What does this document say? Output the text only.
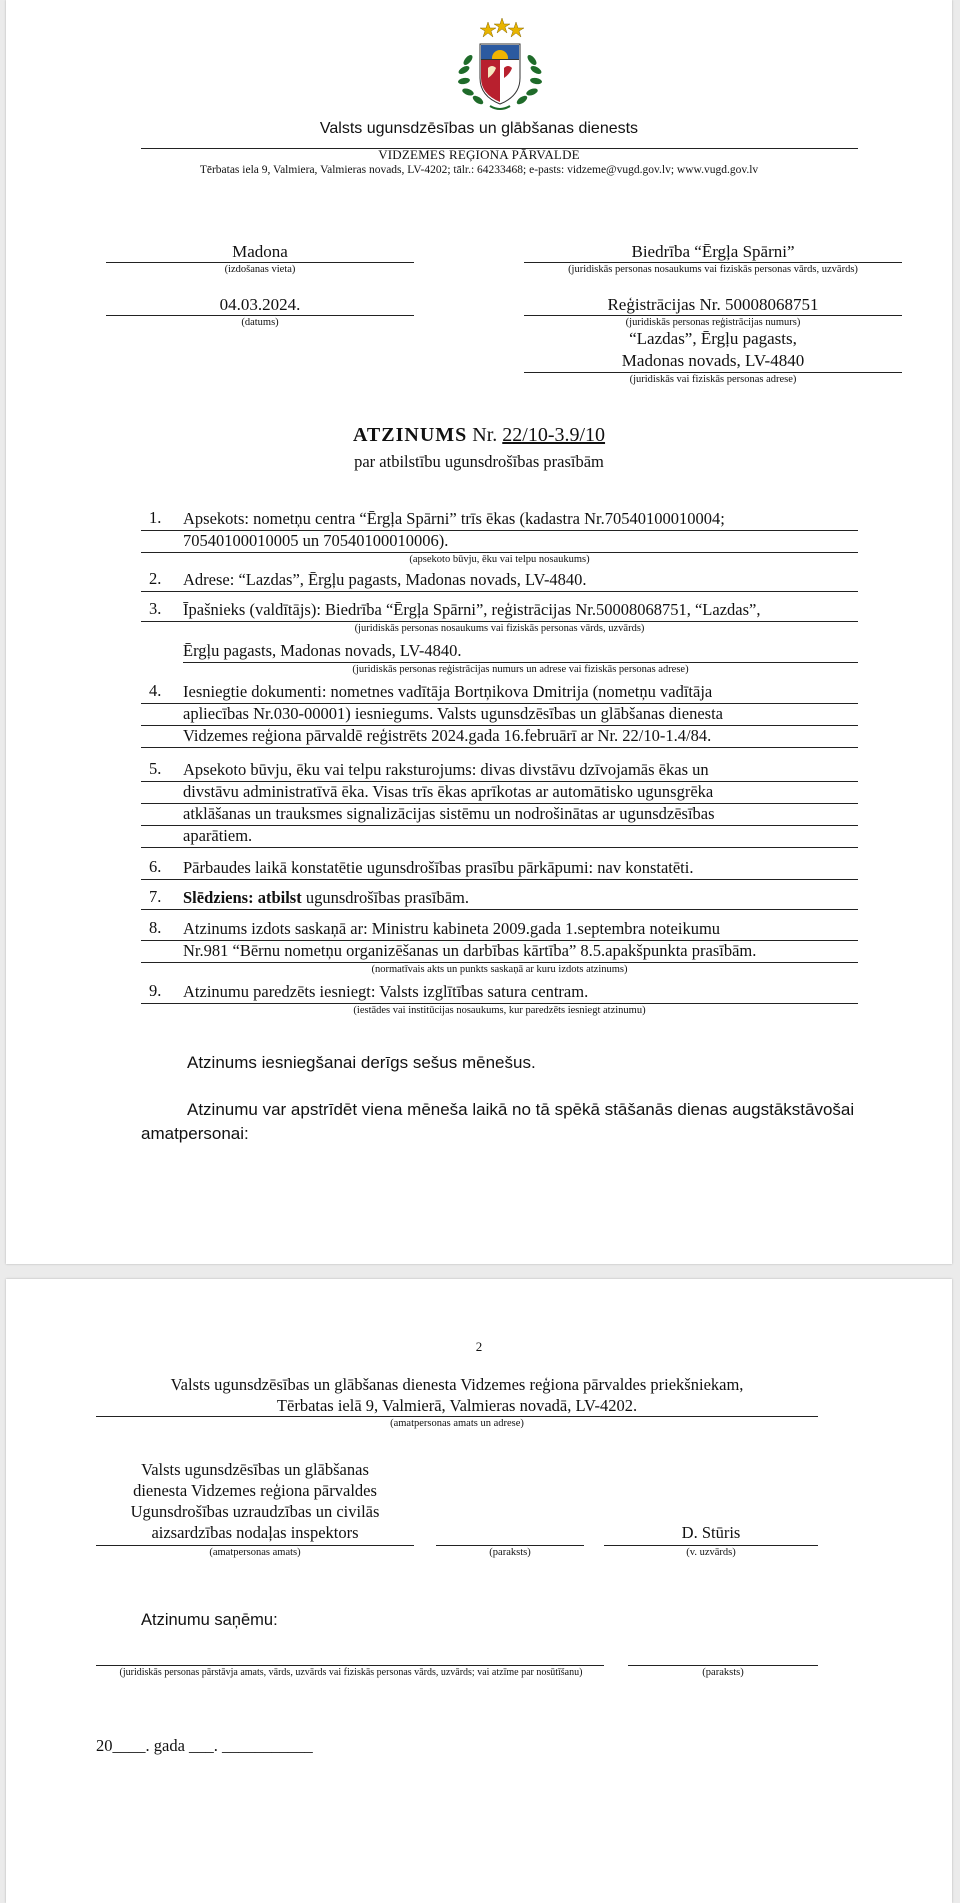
Valsts ugunsdzēsības un glābšanas dienests
VIDZEMES REĢIONA PĀRVALDE
Tērbatas iela 9, Valmiera, Valmieras novads, LV-4202; tālr.: 64233468; e-pasts: vidzeme@vugd.gov.lv; www.vugd.gov.lv
Madona
(izdošanas vieta)
04.03.2024.
(datums)
Biedrība “Ērgļa Spārni”
(juridiskās personas nosaukums vai fiziskās personas vārds, uzvārds)
Reģistrācijas Nr. 50008068751
(juridiskās personas reģistrācijas numurs)
“Lazdas”, Ērgļu pagasts,
Madonas novads, LV-4840
(juridiskās vai fiziskās personas adrese)
ATZINUMS Nr. 22/10-3.9/10
par atbilstību ugunsdrošības prasībām
1. Apsekots: nometņu centra “Ērgļa Spārni” trīs ēkas (kadastra Nr.70540100010004;
70540100010005 un 70540100010006).
(apsekoto būvju, ēku vai telpu nosaukums)
2. Adrese: “Lazdas”, Ērgļu pagasts, Madonas novads, LV-4840.
3. Īpašnieks (valdītājs): Biedrība “Ērgļa Spārni”, reģistrācijas Nr.50008068751, “Lazdas”,
(juridiskās personas nosaukums vai fiziskās personas vārds, uzvārds)
Ērgļu pagasts, Madonas novads, LV-4840.
(juridiskās personas reģistrācijas numurs un adrese vai fiziskās personas adrese)
4. Iesniegtie dokumenti: nometnes vadītāja Bortņikova Dmitrija (nometņu vadītāja
apliecības Nr.030-00001) iesniegums. Valsts ugunsdzēsības un glābšanas dienesta
Vidzemes reģiona pārvaldē reģistrēts 2024.gada 16.februārī ar Nr. 22/10-1.4/84.
5. Apsekoto būvju, ēku vai telpu raksturojums: divas divstāvu dzīvojamās ēkas un
divstāvu administratīvā ēka. Visas trīs ēkas aprīkotas ar automātisko ugunsgrēka
atklāšanas un trauksmes signalizācijas sistēmu un nodrošinātas ar ugunsdzēsības
aparātiem.
6. Pārbaudes laikā konstatētie ugunsdrošības prasību pārkāpumi: nav konstatēti.
7. Slēdziens: atbilst ugunsdrošības prasībām.
8. Atzinums izdots saskaņā ar: Ministru kabineta 2009.gada 1.septembra noteikumu
Nr.981 “Bērnu nometņu organizēšanas un darbības kārtība” 8.5.apakšpunkta prasībām.
(normatīvais akts un punkts saskaņā ar kuru izdots atzinums)
9. Atzinumu paredzēts iesniegt: Valsts izglītības satura centram.
(iestādes vai institūcijas nosaukums, kur paredzēts iesniegt atzinumu)
Atzinums iesniegšanai derīgs sešus mēnešus.
Atzinumu var apstrīdēt viena mēneša laikā no tā spēkā stāšanās dienas augstākstāvošai
amatpersonai:
2
Valsts ugunsdzēsības un glābšanas dienesta Vidzemes reģiona pārvaldes priekšniekam,
Tērbatas ielā 9, Valmierā, Valmieras novadā, LV-4202.
(amatpersonas amats un adrese)
Valsts ugunsdzēsības un glābšanas
dienesta Vidzemes reģiona pārvaldes
Ugunsdrošības uzraudzības un civilās
aizsardzības nodaļas inspektors
(amatpersonas amats)	(paraksts)
D. Stūris
(v. uzvārds)
Atzinumu saņēmu:
(juridiskās personas pārstāvja amats, vārds, uzvārds vai fiziskās personas vārds, uzvārds; vai atzīme par nosūtīšanu)	(paraksts)
20____. gada ___. ___________
